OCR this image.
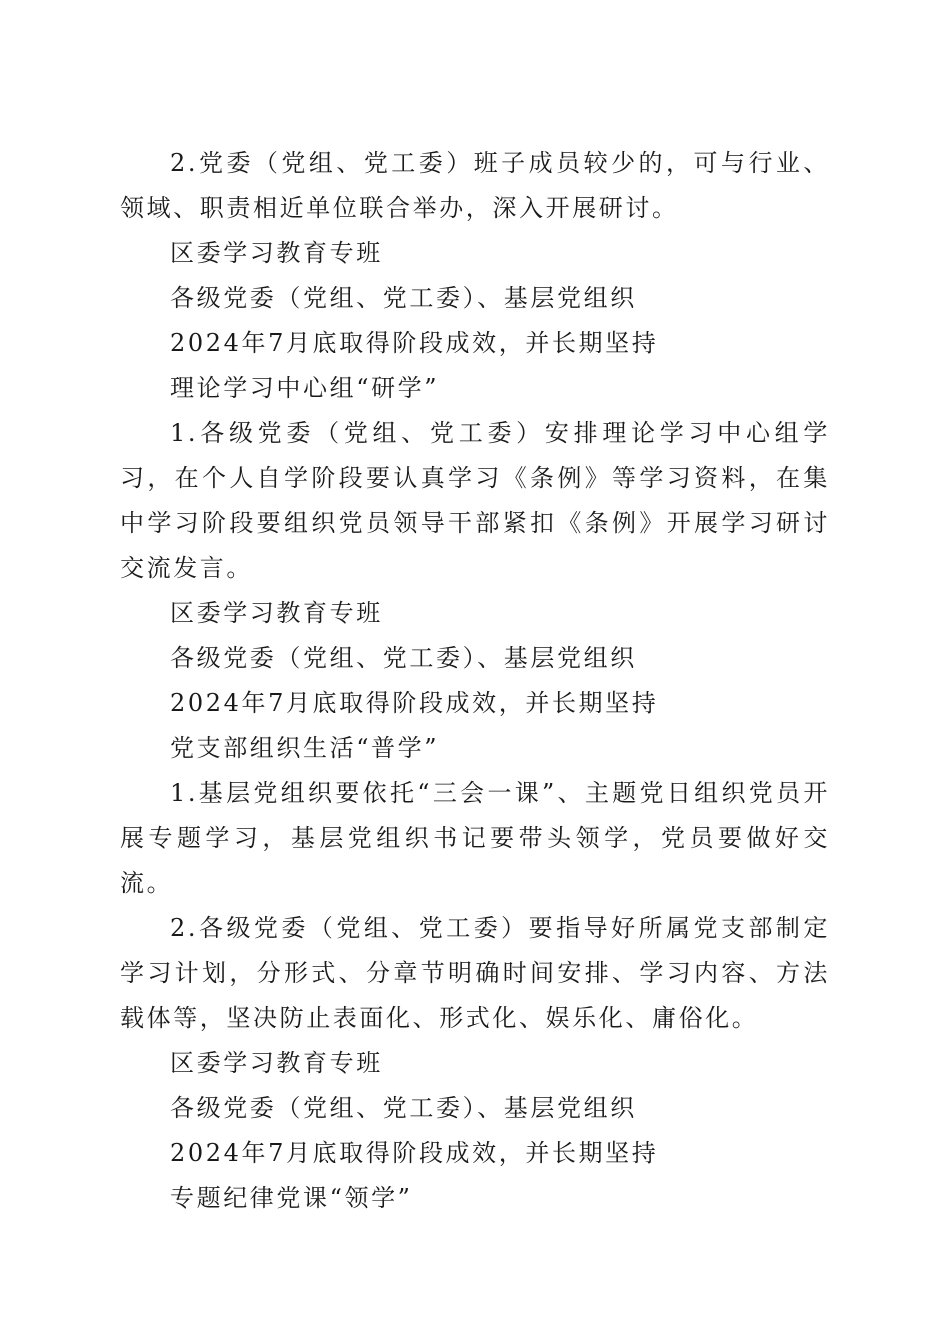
2.党委（党组、党工委）班子成员较少的，可与行业、领域、职责相近单位联合举办，深入开展研讨。

区委学习教育专班

各级党委（党组、党工委）、基层党组织

2024年7月底取得阶段成效，并长期坚持

理论学习中心组“研学”

1.各级党委（党组、党工委）安排理论学习中心组学习，在个人自学阶段要认真学习《条例》等学习资料，在集中学习阶段要组织党员领导干部紧扣《条例》开展学习研讨交流发言。

区委学习教育专班

各级党委（党组、党工委）、基层党组织

2024年7月底取得阶段成效，并长期坚持

党支部组织生活“普学”

1.基层党组织要依托“三会一课”、主题党日组织党员开展专题学习，基层党组织书记要带头领学，党员要做好交流。

2.各级党委（党组、党工委）要指导好所属党支部制定学习计划，分形式、分章节明确时间安排、学习内容、方法载体等，坚决防止表面化、形式化、娱乐化、庸俗化。

区委学习教育专班

各级党委（党组、党工委）、基层党组织

2024年7月底取得阶段成效，并长期坚持

专题纪律党课“领学”
